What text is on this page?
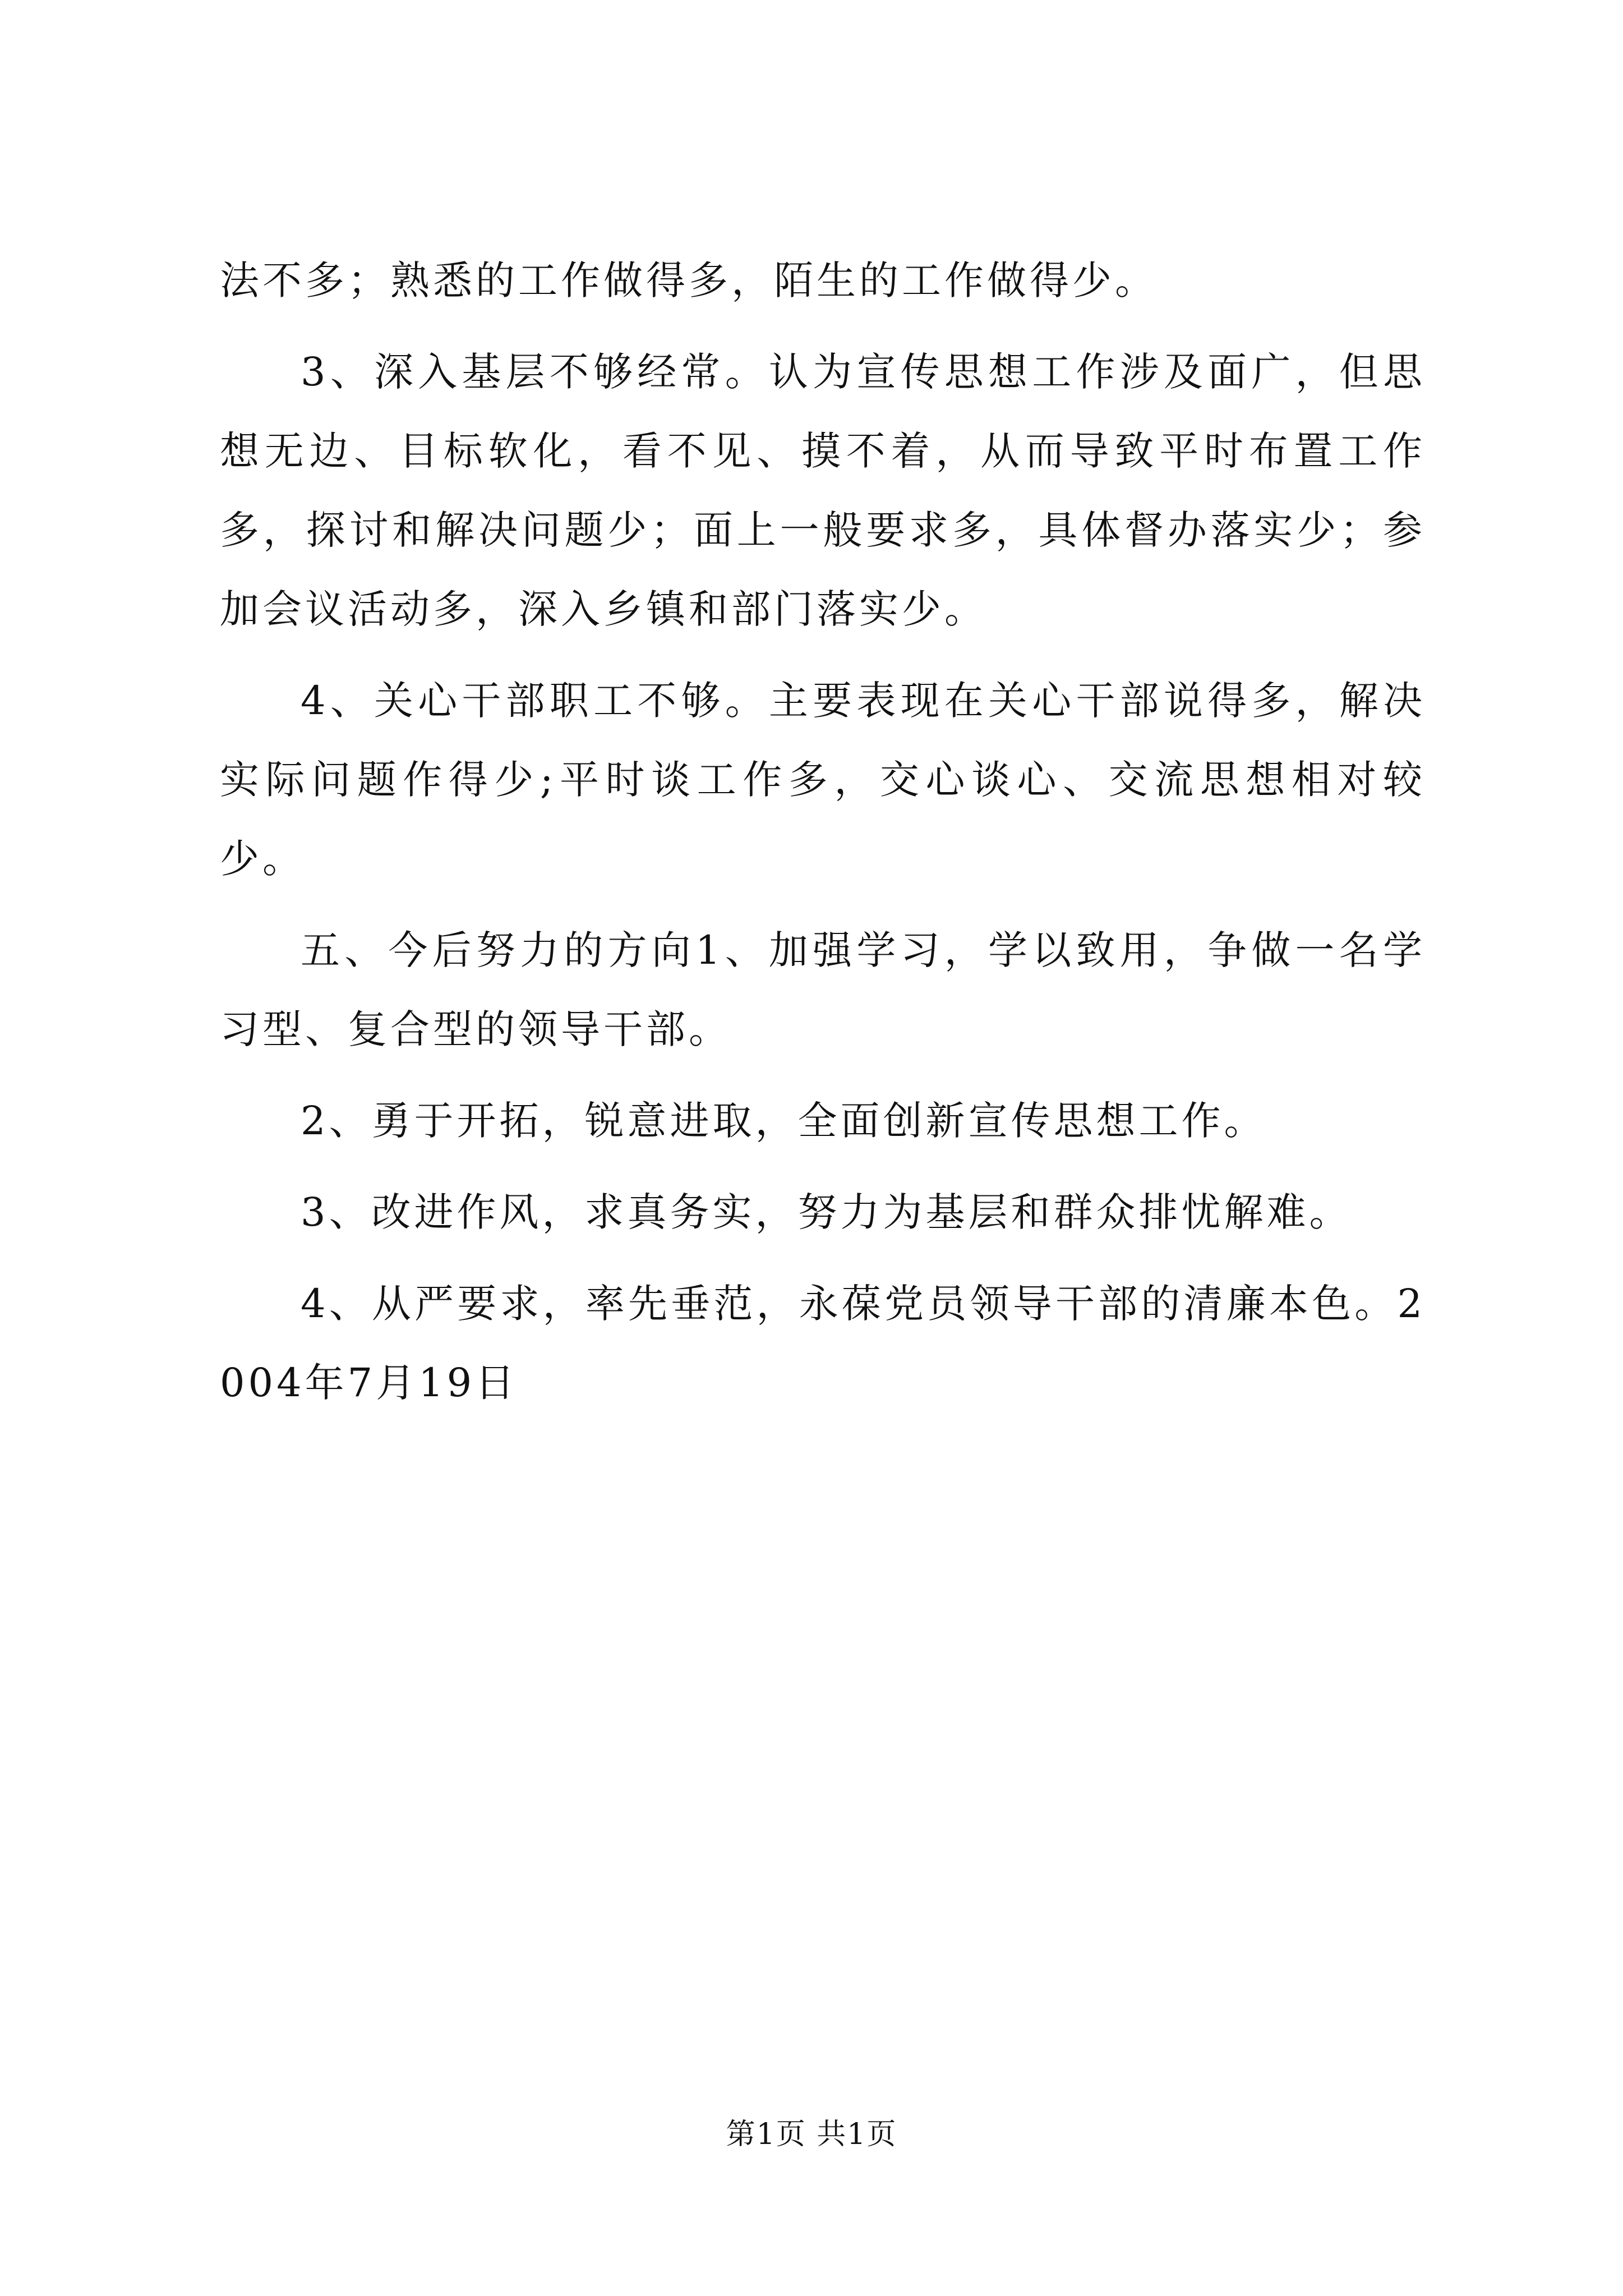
法不多；熟悉的工作做得多，陌生的工作做得少。

3、深入基层不够经常。认为宣传思想工作涉及面广，但思想无边、目标软化，看不见、摸不着，从而导致平时布置工作多，探讨和解决问题少；面上一般要求多，具体督办落实少；参加会议活动多，深入乡镇和部门落实少。

4、关心干部职工不够。主要表现在关心干部说得多，解决实际问题作得少;平时谈工作多，交心谈心、交流思想相对较少。

五、今后努力的方向1、加强学习，学以致用，争做一名学习型、复合型的领导干部。

2、勇于开拓，锐意进取，全面创新宣传思想工作。

3、改进作风，求真务实，努力为基层和群众排忧解难。

4、从严要求，率先垂范，永葆党员领导干部的清廉本色。2004年7月19日

第1页 共1页
